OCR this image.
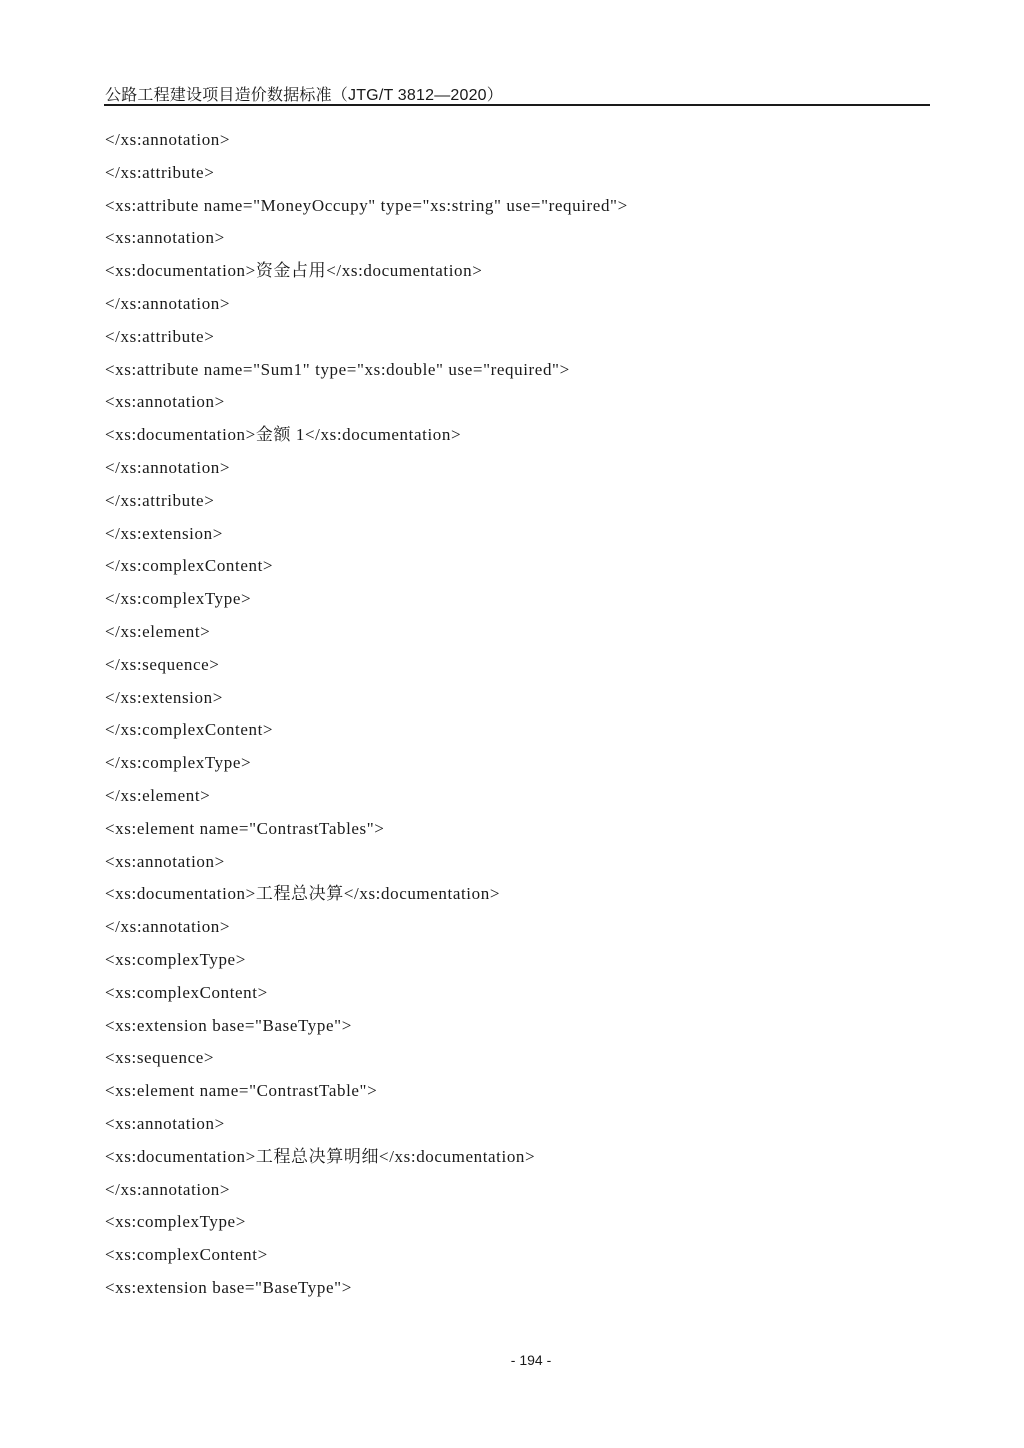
公路工程建设项目造价数据标准（JTG/T 3812—2020）
</xs:annotation>
</xs:attribute>
<xs:attribute name="MoneyOccupy" type="xs:string" use="required">
<xs:annotation>
<xs:documentation>资金占用</xs:documentation>
</xs:annotation>
</xs:attribute>
<xs:attribute name="Sum1" type="xs:double" use="required">
<xs:annotation>
<xs:documentation>金额 1</xs:documentation>
</xs:annotation>
</xs:attribute>
</xs:extension>
</xs:complexContent>
</xs:complexType>
</xs:element>
</xs:sequence>
</xs:extension>
</xs:complexContent>
</xs:complexType>
</xs:element>
<xs:element name="ContrastTables">
<xs:annotation>
<xs:documentation>工程总决算</xs:documentation>
</xs:annotation>
<xs:complexType>
<xs:complexContent>
<xs:extension base="BaseType">
<xs:sequence>
<xs:element name="ContrastTable">
<xs:annotation>
<xs:documentation>工程总决算明细</xs:documentation>
</xs:annotation>
<xs:complexType>
<xs:complexContent>
<xs:extension base="BaseType">
- 194 -
